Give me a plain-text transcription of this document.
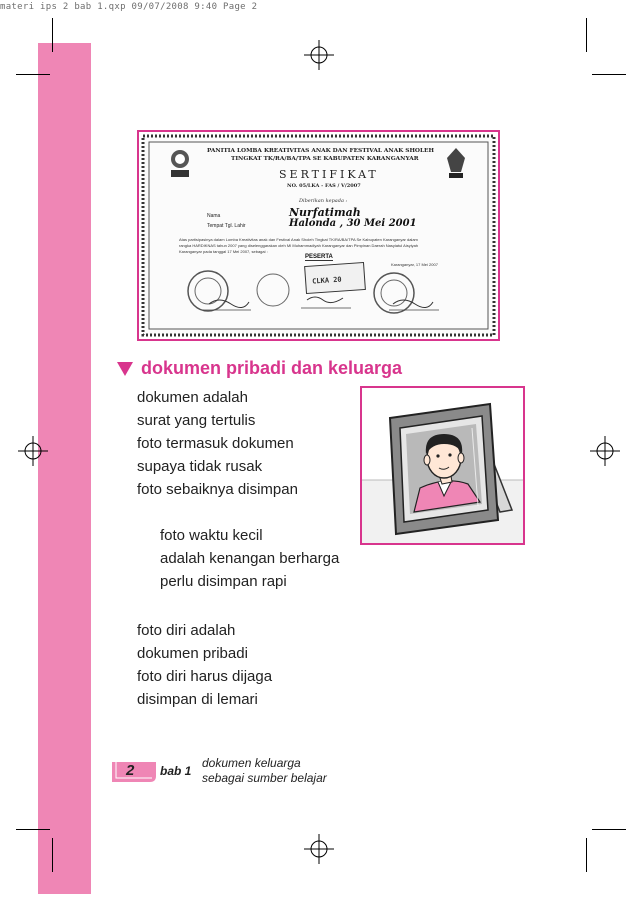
materi ips 2 bab 1.qxp 09/07/2008 9:40 Page 2
PANITIA LOMBA KREATIVITAS ANAK DAN FESTIVAL ANAK SHOLEH
TINGKAT TK/RA/BA/TPA SE KABUPATEN KARANGANYAR
SERTIFIKAT
NO. 05/LKA - FAS / V/2007
Diberikan kepada :
Nama
Tempat Tgl. Lahir
Nurfatimah
Halonda , 30 Mei 2001
Atas partisipasinya dalam Lomba Kreativitas anak dan Festival Anak Sholeh Tingkat TK/RA/BA/TPA Se Kabupaten Karanganyar dalam
rangka HARDIKNAS tahun 2007 yang diselenggarakan oleh MI Muhammadiyah Karanganyar dan Pimpinan Daerah Nasyiatul Aisyiyah
Karanganyar pada tanggal 17 Mei 2007, sebagai :
PESERTA
Karanganyar, 17 Mei 2007
CLKA 20
dokumen pribadi dan keluarga
dokumen adalah
surat yang tertulis
foto termasuk dokumen
supaya tidak rusak
foto sebaiknya disimpan
foto waktu kecil
adalah kenangan berharga
perlu disimpan rapi
foto diri adalah
dokumen pribadi
foto diri harus dijaga
disimpan di lemari
2 bab 1
dokumen keluarga
sebagai sumber belajar
